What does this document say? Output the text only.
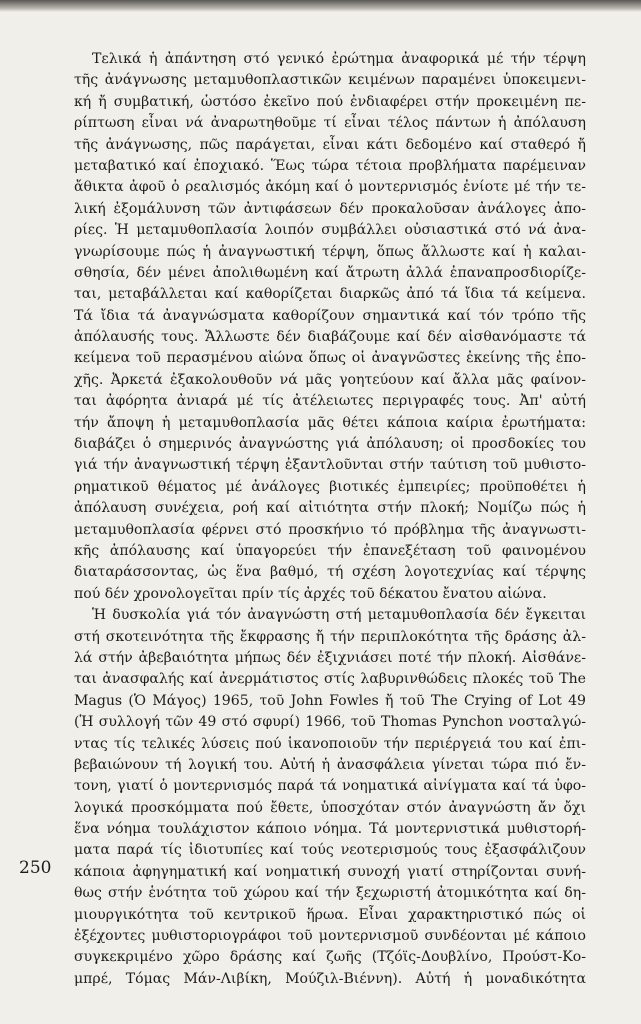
Τελικά ἡ ἀπάντηση στό γενικό ἐρώτημα ἀναφορικά μέ τήν τέρψη
τῆς ἀνάγνωσης μεταμυθοπλαστικῶν κειμένων παραμένει ὑποκειμενι-
κή ἤ συμβατική, ὡστόσο ἐκεῖνο πού ἐνδιαφέρει στήν προκειμένη πε-
ρίπτωση εἶναι νά ἀναρωτηθοῦμε τί εἶναι τέλος πάντων ἡ ἀπόλαυση
τῆς ἀνάγνωσης, πῶς παράγεται, εἶναι κάτι δεδομένο καί σταθερό ἤ
μεταβατικό καί ἐποχιακό. Ἕως τώρα τέτοια προβλήματα παρέμειναν
ἄθικτα ἀφοῦ ὁ ρεαλισμός ἀκόμη καί ὁ μοντερνισμός ἐνίοτε μέ τήν τε-
λική ἐξομάλυνση τῶν ἀντιφάσεων δέν προκαλοῦσαν ἀνάλογες ἀπο-
ρίες. Ἡ μεταμυθοπλασία λοιπόν συμβάλλει οὐσιαστικά στό νά ἀνα-
γνωρίσουμε πώς ἡ ἀναγνωστική τέρψη, ὅπως ἄλλωστε καί ἡ καλαι-
σθησία, δέν μένει ἀπολιθωμένη καί ἄτρωτη ἀλλά ἐπαναπροσδιορίζε-
ται, μεταβάλλεται καί καθορίζεται διαρκῶς ἀπό τά ἴδια τά κείμενα.
Τά ἴδια τά ἀναγνώσματα καθορίζουν σημαντικά καί τόν τρόπο τῆς
ἀπόλαυσής τους. Ἄλλωστε δέν διαβάζουμε καί δέν αἰσθανόμαστε τά
κείμενα τοῦ περασμένου αἰώνα ὅπως οἱ ἀναγνῶστες ἐκείνης τῆς ἐπο-
χῆς. Ἀρκετά ἐξακολουθοῦν νά μᾶς γοητεύουν καί ἄλλα μᾶς φαίνον-
ται ἀφόρητα ἀνιαρά μέ τίς ἀτέλειωτες περιγραφές τους. Ἀπ' αὐτή
τήν ἄποψη ἡ μεταμυθοπλασία μᾶς θέτει κάποια καίρια ἐρωτήματα:
διαβάζει ὁ σημερινός ἀναγνώστης γιά ἀπόλαυση; οἱ προσδοκίες του
γιά τήν ἀναγνωστική τέρψη ἐξαντλοῦνται στήν ταύτιση τοῦ μυθιστο-
ρηματικοῦ θέματος μέ ἀνάλογες βιοτικές ἐμπειρίες; προϋποθέτει ἡ
ἀπόλαυση συνέχεια, ροή καί αἰτιότητα στήν πλοκή; Νομίζω πώς ἡ
μεταμυθοπλασία φέρνει στό προσκήνιο τό πρόβλημα τῆς ἀναγνωστι-
κῆς ἀπόλαυσης καί ὑπαγορεύει τήν ἐπανεξέταση τοῦ φαινομένου
διαταράσσοντας, ὡς ἕνα βαθμό, τή σχέση λογοτεχνίας καί τέρψης
πού δέν χρονολογεῖται πρίν τίς ἀρχές τοῦ δέκατου ἔνατου αἰώνα.
Ἡ δυσκολία γιά τόν ἀναγνώστη στή μεταμυθοπλασία δέν ἔγκειται
στή σκοτεινότητα τῆς ἔκφρασης ἤ τήν περιπλοκότητα τῆς δράσης ἀλ-
λά στήν ἀβεβαιότητα μήπως δέν ἐξιχνιάσει ποτέ τήν πλοκή. Αἰσθάνε-
ται ἀνασφαλής καί ἀνερμάτιστος στίς λαβυρινθώδεις πλοκές τοῦ The
Magus (Ὁ Μάγος) 1965, τοῦ John Fowles ἤ τοῦ The Crying of Lot 49
(Ἡ συλλογή τῶν 49 στό σφυρί) 1966, τοῦ Thomas Pynchon νοσταλγώ-
ντας τίς τελικές λύσεις πού ἱκανοποιοῦν τήν περιέργειά του καί ἐπι-
βεβαιώνουν τή λογική του. Αὐτή ἡ ἀνασφάλεια γίνεται τώρα πιό ἔν-
τονη, γιατί ὁ μοντερνισμός παρά τά νοηματικά αἰνίγματα καί τά ὑφο-
λογικά προσκόμματα πού ἔθετε, ὑποσχόταν στόν ἀναγνώστη ἄν ὄχι
ἕνα νόημα τουλάχιστον κάποιο νόημα. Τά μοντερνιστικά μυθιστορή-
ματα παρά τίς ἰδιοτυπίες καί τούς νεοτερισμούς τους ἐξασφάλιζουν
κάποια ἀφηγηματική καί νοηματική συνοχή γιατί στηρίζονται συνή-
θως στήν ἑνότητα τοῦ χώρου καί τήν ξεχωριστή ἀτομικότητα καί δη-
μιουργικότητα τοῦ κεντρικοῦ ἥρωα. Εἶναι χαρακτηριστικό πώς οἱ
ἐξέχοντες μυθιστοριογράφοι τοῦ μοντερνισμοῦ συνδέονται μέ κάποιο
συγκεκριμένο χῶρο δράσης καί ζωῆς (Τζόϊς-Δουβλίνο, Προύστ-Κο-
μπρέ, Τόμας Μάν-Λιβίκη, Μούζιλ-Βιέννη). Αὐτή ἡ μοναδικότητα
250
